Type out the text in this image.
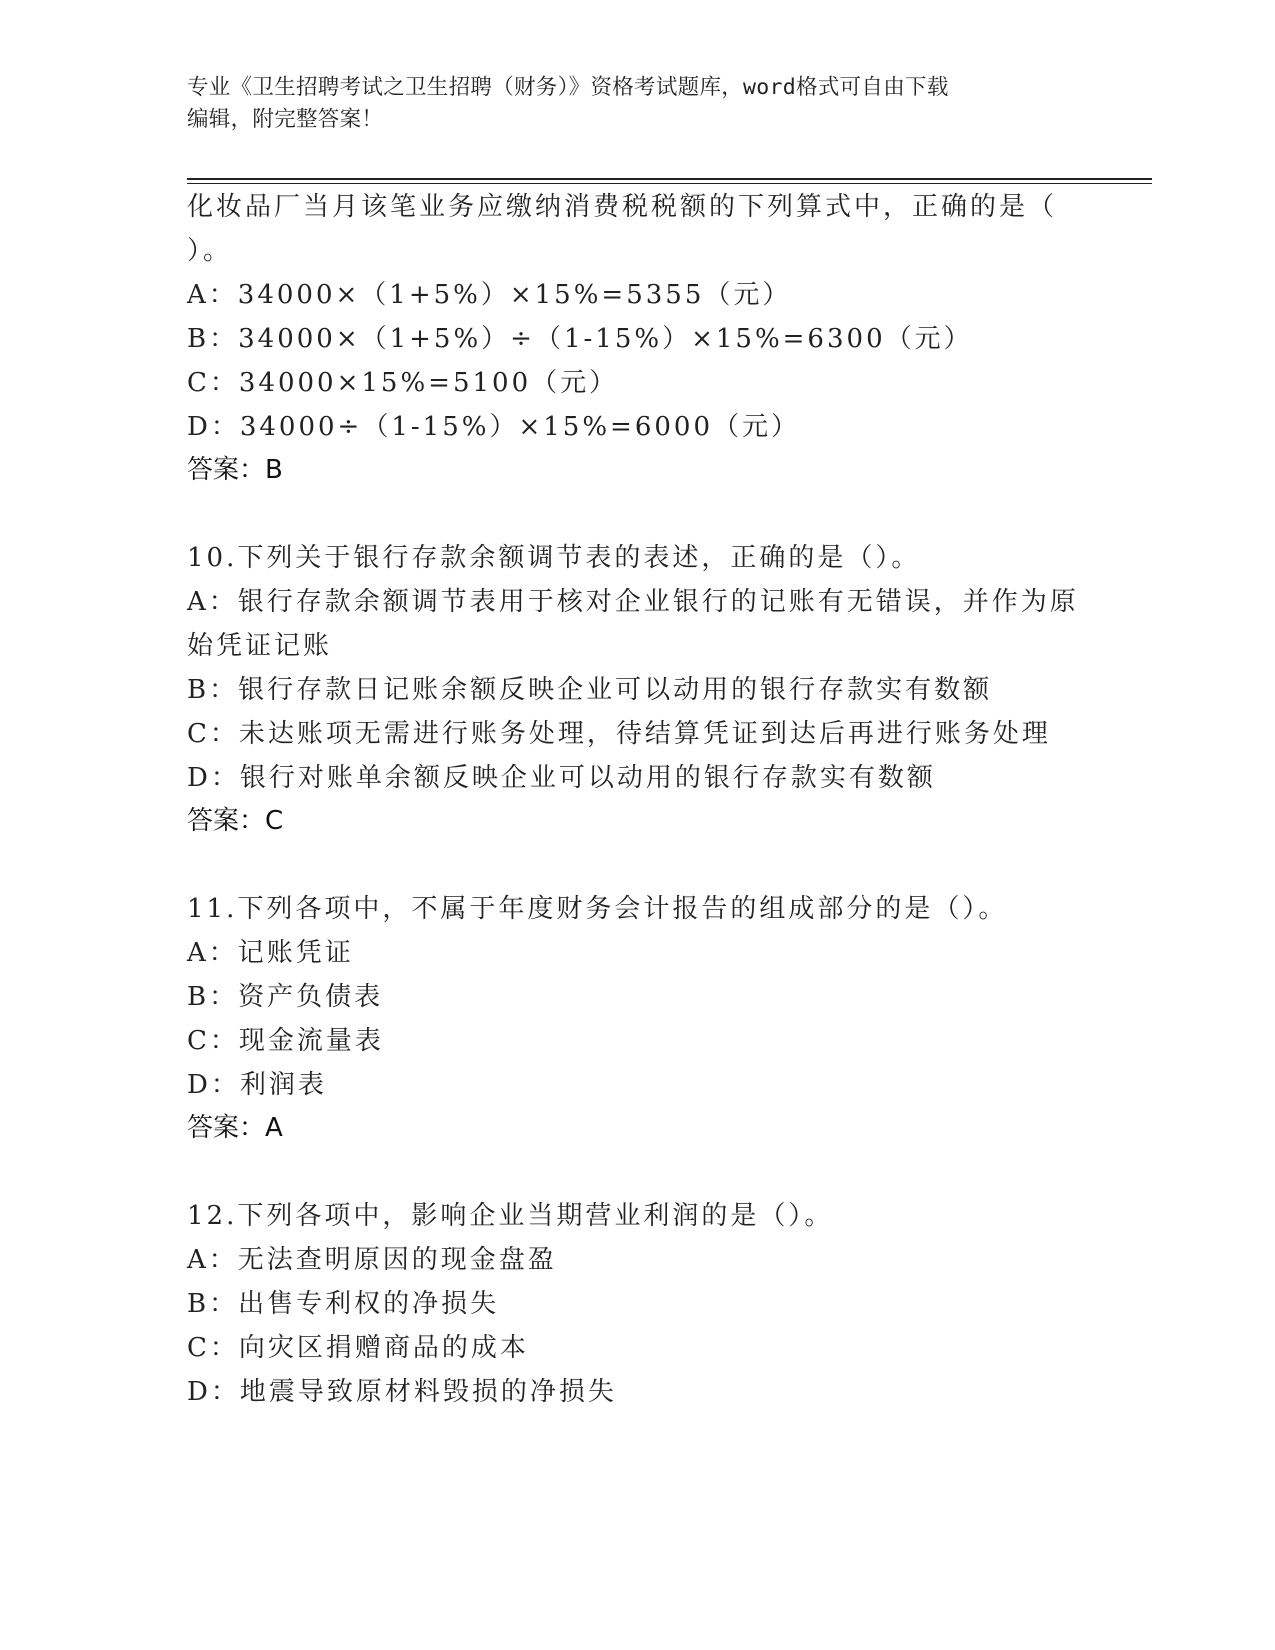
专业《卫生招聘考试之卫生招聘（财务）》资格考试题库，word格式可自由下载
编辑，附完整答案！
化妆品厂当月该笔业务应缴纳消费税税额的下列算式中，正确的是（
）。
A：34000×（1+5%）×15%=5355（元）
B：34000×（1+5%）÷（1-15%）×15%=6300（元）
C：34000×15%=5100（元）
D：34000÷（1-15%）×15%=6000（元）
答案：B
10.下列关于银行存款余额调节表的表述，正确的是（）。
A：银行存款余额调节表用于核对企业银行的记账有无错误，并作为原
始凭证记账
B：银行存款日记账余额反映企业可以动用的银行存款实有数额
C：未达账项无需进行账务处理，待结算凭证到达后再进行账务处理
D：银行对账单余额反映企业可以动用的银行存款实有数额
答案：C
11.下列各项中，不属于年度财务会计报告的组成部分的是（）。
A：记账凭证
B：资产负债表
C：现金流量表
D：利润表
答案：A
12.下列各项中，影响企业当期营业利润的是（）。
A：无法查明原因的现金盘盈
B：出售专利权的净损失
C：向灾区捐赠商品的成本
D：地震导致原材料毁损的净损失
